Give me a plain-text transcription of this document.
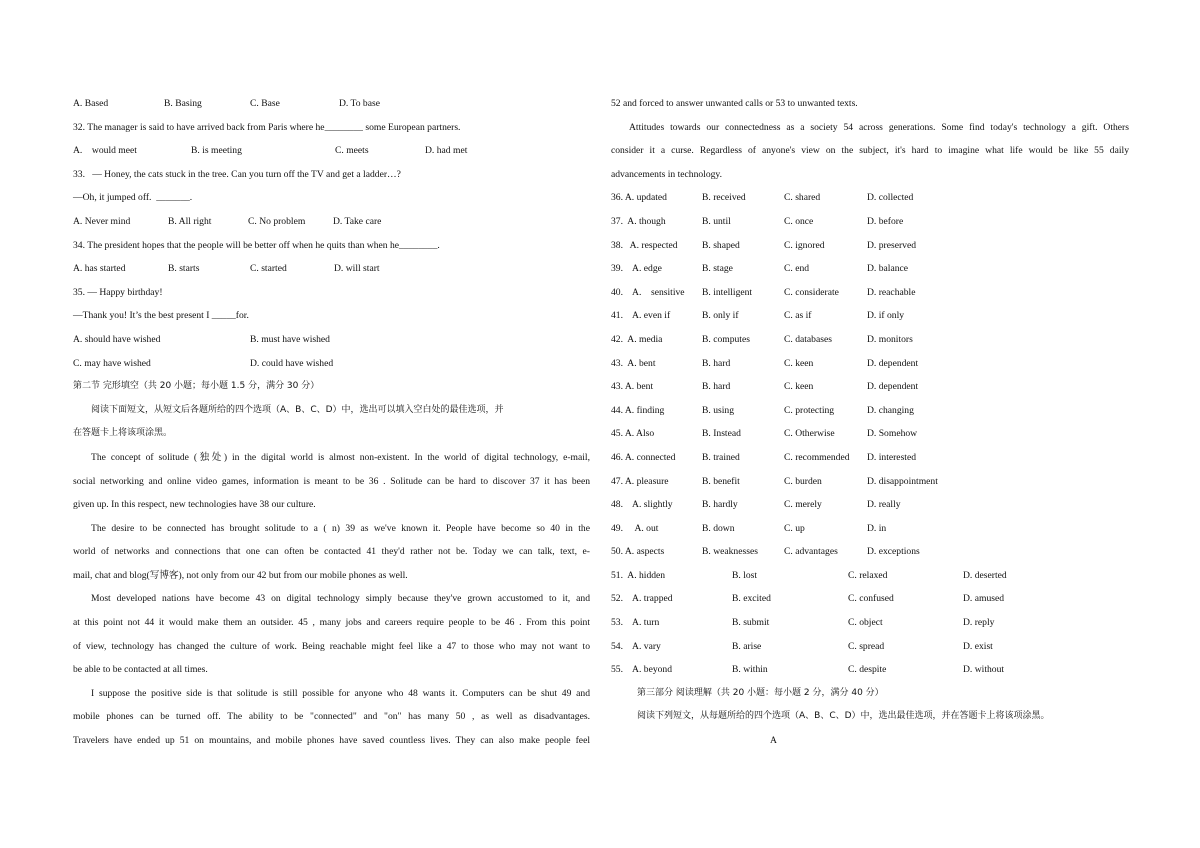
A. Based	B. Basing	C. Base	D. To base
32. The manager is said to have arrived back from Paris where he________ some European partners.
A.    would meet	B. is meeting	C. meets	D. had met
33.   — Honey, the cats stuck in the tree. Can you turn off the TV and get a ladder…?
—Oh, it jumped off.  _______.
A. Never mind	B. All right	C. No problem	D. Take care
34. The president hopes that the people will be better off when he quits than when he________.
A. has started	B. starts	C. started	D. will start
35. — Happy birthday!
—Thank you! It’s the best present I _____for.
A. should have wished	B. must have wished
C. may have wished	D. could have wished
第二节 完形填空（共 20 小题；每小题 1.5 分，满分 30 分）
阅读下面短文，从短文后各题所给的四个选项（A、B、C、D）中，选出可以填入空白处的最佳选项，并
在答题卡上将该项涂黑。
The concept of solitude (独处) in the digital world is almost non-existent. In the world of digital technology, e-mail,
social networking and online video games, information is meant to be 36 . Solitude can be hard to discover 37 it has been
given up. In this respect, new technologies have 38 our culture.
The desire to be connected has brought solitude to a ( n) 39 as we've known it. People have become so 40 in the
world of networks and connections that one can often be contacted 41 they'd rather not be. Today we can talk, text, e-
mail, chat and blog(写博客), not only from our 42 but from our mobile phones as well.
Most developed nations have become 43 on digital technology simply because they've grown accustomed to it, and
at this point not 44 it would make them an outsider. 45 , many jobs and careers require people to be 46 . From this point
of view, technology has changed the culture of work. Being reachable might feel like a 47 to those who may not want to
be able to be contacted at all times.
I suppose the positive side is that solitude is still possible for anyone who 48 wants it. Computers can be shut 49 and
mobile phones can be turned off. The ability to be "connected" and "on" has many 50 , as well as disadvantages.
Travelers have ended up 51 on mountains, and mobile phones have saved countless lives. They can also make people feel
52 and forced to answer unwanted calls or 53 to unwanted texts.
Attitudes towards our connectedness as a society 54 across generations. Some find today's technology a gift. Others
consider it a curse. Regardless of anyone's view on the subject, it's hard to imagine what life would be like 55 daily
advancements in technology.
36. A. updated	B. received	C. shared	D. collected
37.  A. though	B. until	C. once	D. before
38.   A. respected	B. shaped	C. ignored	D. preserved
39.    A. edge	B. stage	C. end	D. balance
40.    A.    sensitive B. intelligent	C. considerate	D. reachable
41.    A. even if	B. only if	C. as if	D. if only
42.  A. media	B. computes	C. databases	D. monitors
43.  A. bent	B. hard	C. keen	D. dependent
43. A. bent	B. hard	C. keen	D. dependent
44. A. finding	B. using	C. protecting	D. changing
45. A. Also	B. Instead	C. Otherwise	D. Somehow
46. A. connected	B. trained	C. recommended D. interested
47. A. pleasure	B. benefit	C. burden	D. disappointment
48.    A. slightly	B. hardly	C. merely	D. really
49.     A. out	B. down	C. up	D. in
50. A. aspects	B. weaknesses	C. advantages	D. exceptions
51.  A. hidden	B. lost	C. relaxed	D. deserted
52.    A. trapped	B. excited	C. confused	D. amused
53.    A. turn	B. submit	C. object	D. reply
54.    A. vary	B. arise	C. spread	D. exist
55.    A. beyond	B. within	C. despite	D. without
第三部分 阅读理解（共 20 小题：每小题 2 分，满分 40 分）
阅读下列短文，从每题所给的四个选项（A、B、C、D）中，选出最佳选项，并在答题卡上将该项涂黑。
A
